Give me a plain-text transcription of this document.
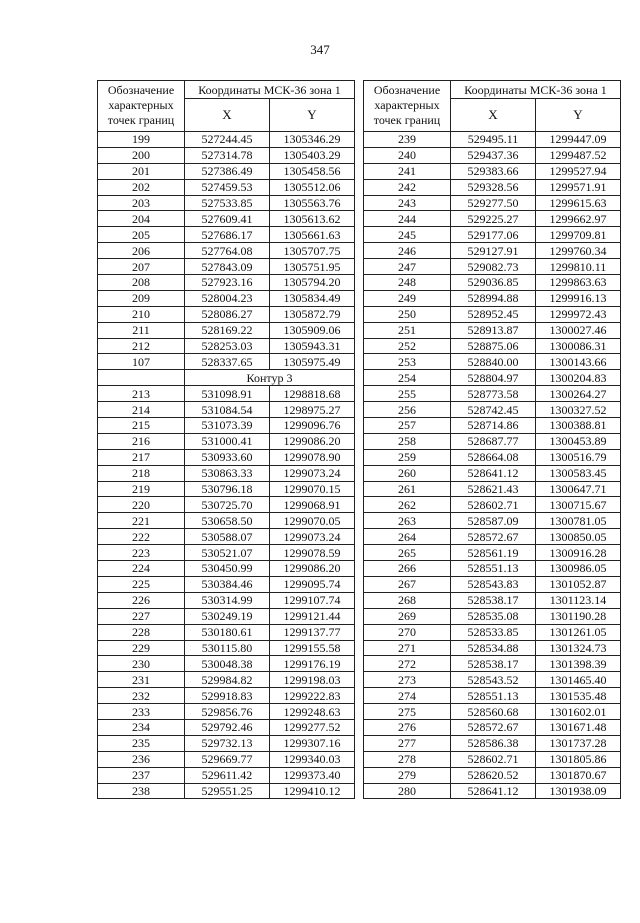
347
Обозначение характерных точек границ	Координаты МСК-36 зона 1	
	X	Y
199	527244.45	1305346.29
200	527314.78	1305403.29
201	527386.49	1305458.56
202	527459.53	1305512.06
203	527533.85	1305563.76
204	527609.41	1305613.62
205	527686.17	1305661.63
206	527764.08	1305707.75
207	527843.09	1305751.95
208	527923.16	1305794.20
209	528004.23	1305834.49
210	528086.27	1305872.79
211	528169.22	1305909.06
212	528253.03	1305943.31
107	528337.65	1305975.49
	Контур 3	
213	531098.91	1298818.68
214	531084.54	1298975.27
215	531073.39	1299096.76
216	531000.41	1299086.20
217	530933.60	1299078.90
218	530863.33	1299073.24
219	530796.18	1299070.15
220	530725.70	1299068.91
221	530658.50	1299070.05
222	530588.07	1299073.24
223	530521.07	1299078.59
224	530450.99	1299086.20
225	530384.46	1299095.74
226	530314.99	1299107.74
227	530249.19	1299121.44
228	530180.61	1299137.77
229	530115.80	1299155.58
230	530048.38	1299176.19
231	529984.82	1299198.03
232	529918.83	1299222.83
233	529856.76	1299248.63
234	529792.46	1299277.52
235	529732.13	1299307.16
236	529669.77	1299340.03
237	529611.42	1299373.40
238	529551.25	1299410.12
Обозначение характерных точек границ	Координаты МСК-36 зона 1	
	X	Y
239	529495.11	1299447.09
240	529437.36	1299487.52
241	529383.66	1299527.94
242	529328.56	1299571.91
243	529277.50	1299615.63
244	529225.27	1299662.97
245	529177.06	1299709.81
246	529127.91	1299760.34
247	529082.73	1299810.11
248	529036.85	1299863.63
249	528994.88	1299916.13
250	528952.45	1299972.43
251	528913.87	1300027.46
252	528875.06	1300086.31
253	528840.00	1300143.66
254	528804.97	1300204.83
255	528773.58	1300264.27
256	528742.45	1300327.52
257	528714.86	1300388.81
258	528687.77	1300453.89
259	528664.08	1300516.79
260	528641.12	1300583.45
261	528621.43	1300647.71
262	528602.71	1300715.67
263	528587.09	1300781.05
264	528572.67	1300850.05
265	528561.19	1300916.28
266	528551.13	1300986.05
267	528543.83	1301052.87
268	528538.17	1301123.14
269	528535.08	1301190.28
270	528533.85	1301261.05
271	528534.88	1301324.73
272	528538.17	1301398.39
273	528543.52	1301465.40
274	528551.13	1301535.48
275	528560.68	1301602.01
276	528572.67	1301671.48
277	528586.38	1301737.28
278	528602.71	1301805.86
279	528620.52	1301870.67
280	528641.12	1301938.09
